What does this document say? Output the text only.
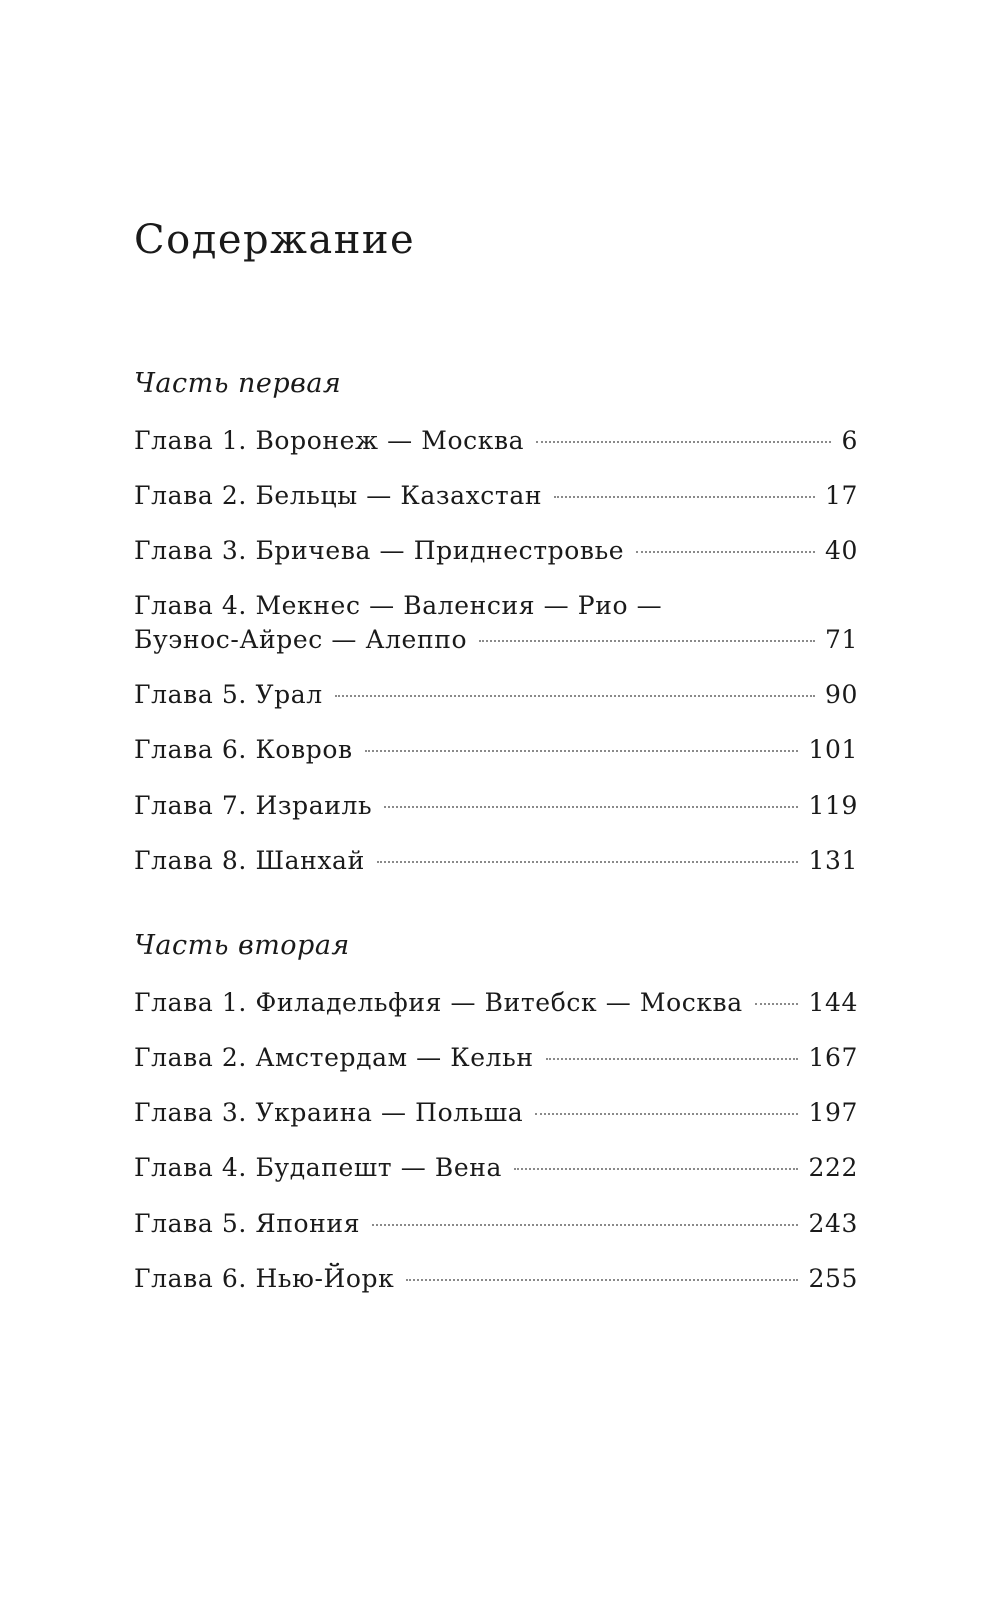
Содержание
Часть первая
Глава 1. Воронеж — Москва	6
Глава 2. Бельцы — Казахстан	17
Глава 3. Бричева — Приднестровье	40
Глава 4. Мекнес — Валенсия — Рио —
Буэнос-Айрес — Алеппо	71
Глава 5. Урал	90
Глава 6. Ковров	101
Глава 7. Израиль	119
Глава 8. Шанхай	131
Часть вторая
Глава 1. Филадельфия — Витебск — Москва	144
Глава 2. Амстердам — Кельн	167
Глава 3. Украина — Польша	197
Глава 4. Будапешт — Вена	222
Глава 5. Япония	243
Глава 6. Нью-Йорк	255
